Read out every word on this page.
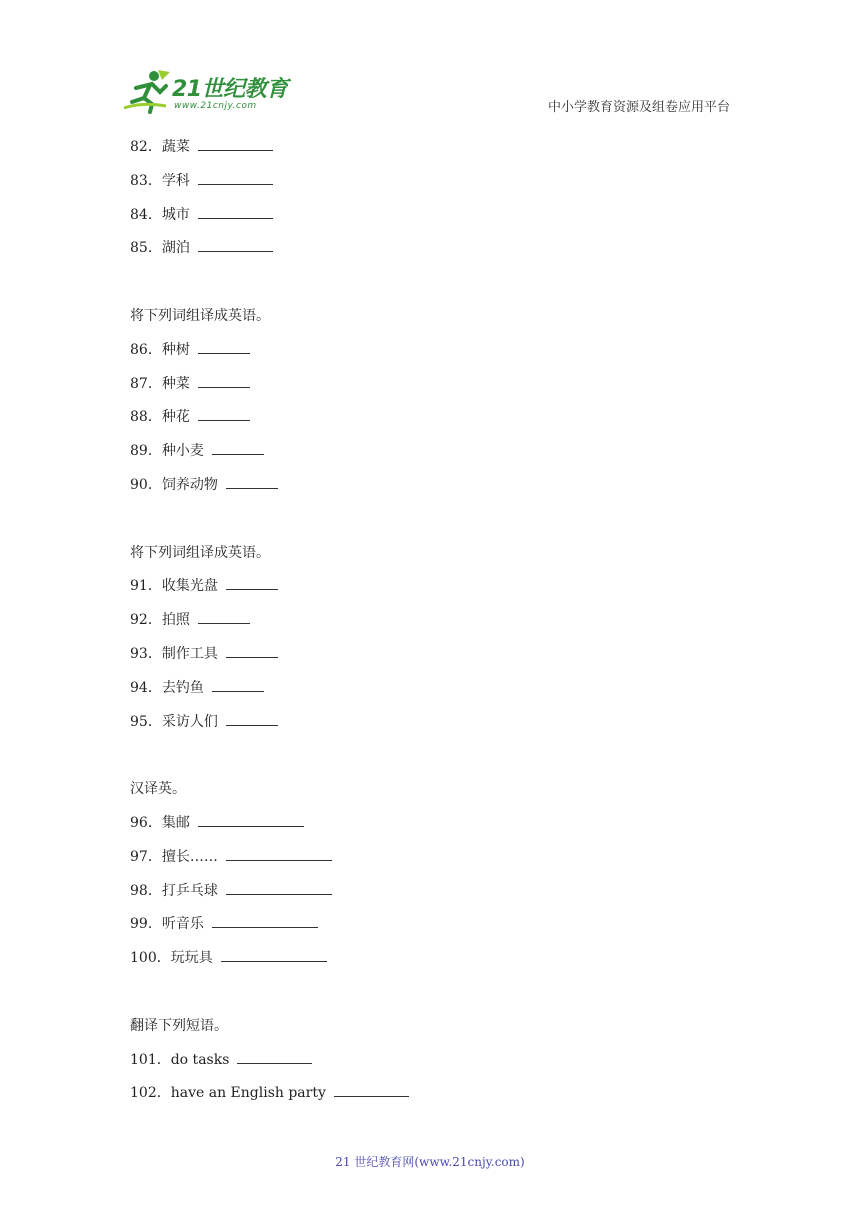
21世纪教育
www.21cnjy.com	中小学教育资源及组卷应用平台
82．蔬菜
83．学科
84．城市
85．湖泊
将下列词组译成英语。
86．种树
87．种菜
88．种花
89．种小麦
90．饲养动物
将下列词组译成英语。
91．收集光盘
92．拍照
93．制作工具
94．去钓鱼
95．采访人们
汉译英。
96．集邮
97．擅长……
98．打乒乓球
99．听音乐
100．玩玩具
翻译下列短语。
101．do tasks
102．have an English party
21 世纪教育网(www.21cnjy.com)
